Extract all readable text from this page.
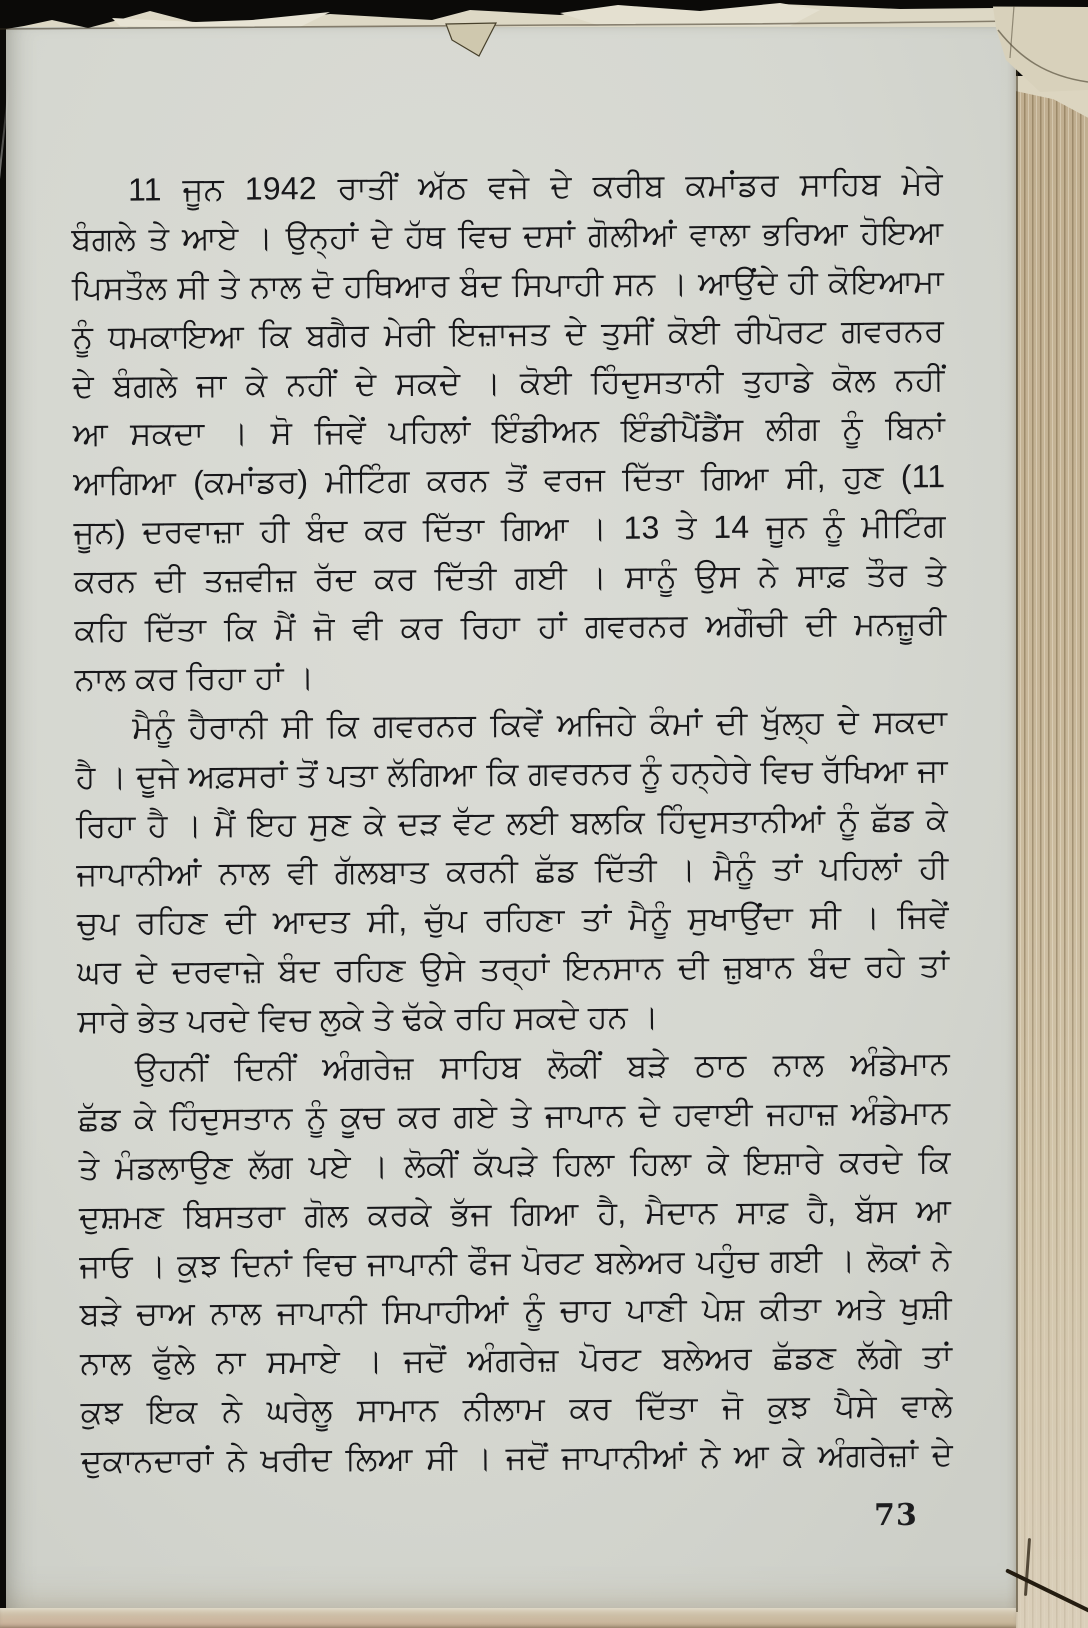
11 ਜੂਨ 1942 ਰਾਤੀਂ ਅੱਠ ਵਜੇ ਦੇ ਕਰੀਬ ਕਮਾਂਡਰ ਸਾਹਿਬ ਮੇਰੇ
ਬੰਗਲੇ ਤੇ ਆਏ । ਉਨ੍ਹਾਂ ਦੇ ਹੱਥ ਵਿਚ ਦਸਾਂ ਗੋਲੀਆਂ ਵਾਲਾ ਭਰਿਆ ਹੋਇਆ
ਪਿਸਤੌਲ ਸੀ ਤੇ ਨਾਲ ਦੋ ਹਥਿਆਰ ਬੰਦ ਸਿਪਾਹੀ ਸਨ । ਆਉਂਦੇ ਹੀ ਕੋਇਆਮਾ
ਨੂੰ ਧਮਕਾਇਆ ਕਿ ਬਗੈਰ ਮੇਰੀ ਇਜ਼ਾਜਤ ਦੇ ਤੁਸੀਂ ਕੋਈ ਰੀਪੋਰਟ ਗਵਰਨਰ
ਦੇ ਬੰਗਲੇ ਜਾ ਕੇ ਨਹੀਂ ਦੇ ਸਕਦੇ । ਕੋਈ ਹਿੰਦੁਸਤਾਨੀ ਤੁਹਾਡੇ ਕੋਲ ਨਹੀਂ
ਆ ਸਕਦਾ । ਸੋ ਜਿਵੇਂ ਪਹਿਲਾਂ ਇੰਡੀਅਨ ਇੰਡੀਪੈਂਡੈਂਸ ਲੀਗ ਨੂੰ ਬਿਨਾਂ
ਆਗਿਆ (ਕਮਾਂਡਰ) ਮੀਟਿੰਗ ਕਰਨ ਤੋਂ ਵਰਜ ਦਿੱਤਾ ਗਿਆ ਸੀ, ਹੁਣ (11
ਜੂਨ) ਦਰਵਾਜ਼ਾ ਹੀ ਬੰਦ ਕਰ ਦਿੱਤਾ ਗਿਆ । 13 ਤੇ 14 ਜੂਨ ਨੂੰ ਮੀਟਿੰਗ
ਕਰਨ ਦੀ ਤਜ਼ਵੀਜ਼ ਰੱਦ ਕਰ ਦਿੱਤੀ ਗਈ । ਸਾਨੂੰ ਉਸ ਨੇ ਸਾਫ਼ ਤੌਰ ਤੇ
ਕਹਿ ਦਿੱਤਾ ਕਿ ਮੈਂ ਜੋ ਵੀ ਕਰ ਰਿਹਾ ਹਾਂ ਗਵਰਨਰ ਅਗੌਚੀ ਦੀ ਮਨਜ਼ੂਰੀ
ਨਾਲ ਕਰ ਰਿਹਾ ਹਾਂ ।
ਮੈਨੂੰ ਹੈਰਾਨੀ ਸੀ ਕਿ ਗਵਰਨਰ ਕਿਵੇਂ ਅਜਿਹੇ ਕੰਮਾਂ ਦੀ ਖੁੱਲ੍ਹ ਦੇ ਸਕਦਾ
ਹੈ । ਦੂਜੇ ਅਫ਼ਸਰਾਂ ਤੋਂ ਪਤਾ ਲੱਗਿਆ ਕਿ ਗਵਰਨਰ ਨੂੰ ਹਨ੍ਹੇਰੇ ਵਿਚ ਰੱਖਿਆ ਜਾ
ਰਿਹਾ ਹੈ । ਮੈਂ ਇਹ ਸੁਣ ਕੇ ਦੜ ਵੱਟ ਲਈ ਬਲਕਿ ਹਿੰਦੁਸਤਾਨੀਆਂ ਨੂੰ ਛੱਡ ਕੇ
ਜਾਪਾਨੀਆਂ ਨਾਲ ਵੀ ਗੱਲਬਾਤ ਕਰਨੀ ਛੱਡ ਦਿੱਤੀ । ਮੈਨੂੰ ਤਾਂ ਪਹਿਲਾਂ ਹੀ
ਚੁਪ ਰਹਿਣ ਦੀ ਆਦਤ ਸੀ, ਚੁੱਪ ਰਹਿਣਾ ਤਾਂ ਮੈਨੂੰ ਸੁਖਾਉਂਦਾ ਸੀ । ਜਿਵੇਂ
ਘਰ ਦੇ ਦਰਵਾਜ਼ੇ ਬੰਦ ਰਹਿਣ ਉਸੇ ਤਰ੍ਹਾਂ ਇਨਸਾਨ ਦੀ ਜ਼ੁਬਾਨ ਬੰਦ ਰਹੇ ਤਾਂ
ਸਾਰੇ ਭੇਤ ਪਰਦੇ ਵਿਚ ਲੁਕੇ ਤੇ ਢੱਕੇ ਰਹਿ ਸਕਦੇ ਹਨ ।
ਉਹਨੀਂ ਦਿਨੀਂ ਅੰਗਰੇਜ਼ ਸਾਹਿਬ ਲੋਕੀਂ ਬੜੇ ਠਾਠ ਨਾਲ ਅੰਡੇਮਾਨ
ਛੱਡ ਕੇ ਹਿੰਦੁਸਤਾਨ ਨੂੰ ਕੂਚ ਕਰ ਗਏ ਤੇ ਜਾਪਾਨ ਦੇ ਹਵਾਈ ਜਹਾਜ਼ ਅੰਡੇਮਾਨ
ਤੇ ਮੰਡਲਾਉਣ ਲੱਗ ਪਏ । ਲੋਕੀਂ ਕੱਪੜੇ ਹਿਲਾ ਹਿਲਾ ਕੇ ਇਸ਼ਾਰੇ ਕਰਦੇ ਕਿ
ਦੁਸ਼ਮਣ ਬਿਸਤਰਾ ਗੋਲ ਕਰਕੇ ਭੱਜ ਗਿਆ ਹੈ, ਮੈਦਾਨ ਸਾਫ਼ ਹੈ, ਬੱਸ ਆ
ਜਾਓ । ਕੁਝ ਦਿਨਾਂ ਵਿਚ ਜਾਪਾਨੀ ਫੌਜ ਪੋਰਟ ਬਲੇਅਰ ਪਹੁੰਚ ਗਈ । ਲੋਕਾਂ ਨੇ
ਬੜੇ ਚਾਅ ਨਾਲ ਜਾਪਾਨੀ ਸਿਪਾਹੀਆਂ ਨੂੰ ਚਾਹ ਪਾਣੀ ਪੇਸ਼ ਕੀਤਾ ਅਤੇ ਖੁਸ਼ੀ
ਨਾਲ ਫੁੱਲੇ ਨਾ ਸਮਾਏ । ਜਦੋਂ ਅੰਗਰੇਜ਼ ਪੋਰਟ ਬਲੇਅਰ ਛੱਡਣ ਲੱਗੇ ਤਾਂ
ਕੁਝ ਇਕ ਨੇ ਘਰੇਲੂ ਸਾਮਾਨ ਨੀਲਾਮ ਕਰ ਦਿੱਤਾ ਜੋ ਕੁਝ ਪੈਸੇ ਵਾਲੇ
ਦੁਕਾਨਦਾਰਾਂ ਨੇ ਖਰੀਦ ਲਿਆ ਸੀ । ਜਦੋਂ ਜਾਪਾਨੀਆਂ ਨੇ ਆ ਕੇ ਅੰਗਰੇਜ਼ਾਂ ਦੇ
73
